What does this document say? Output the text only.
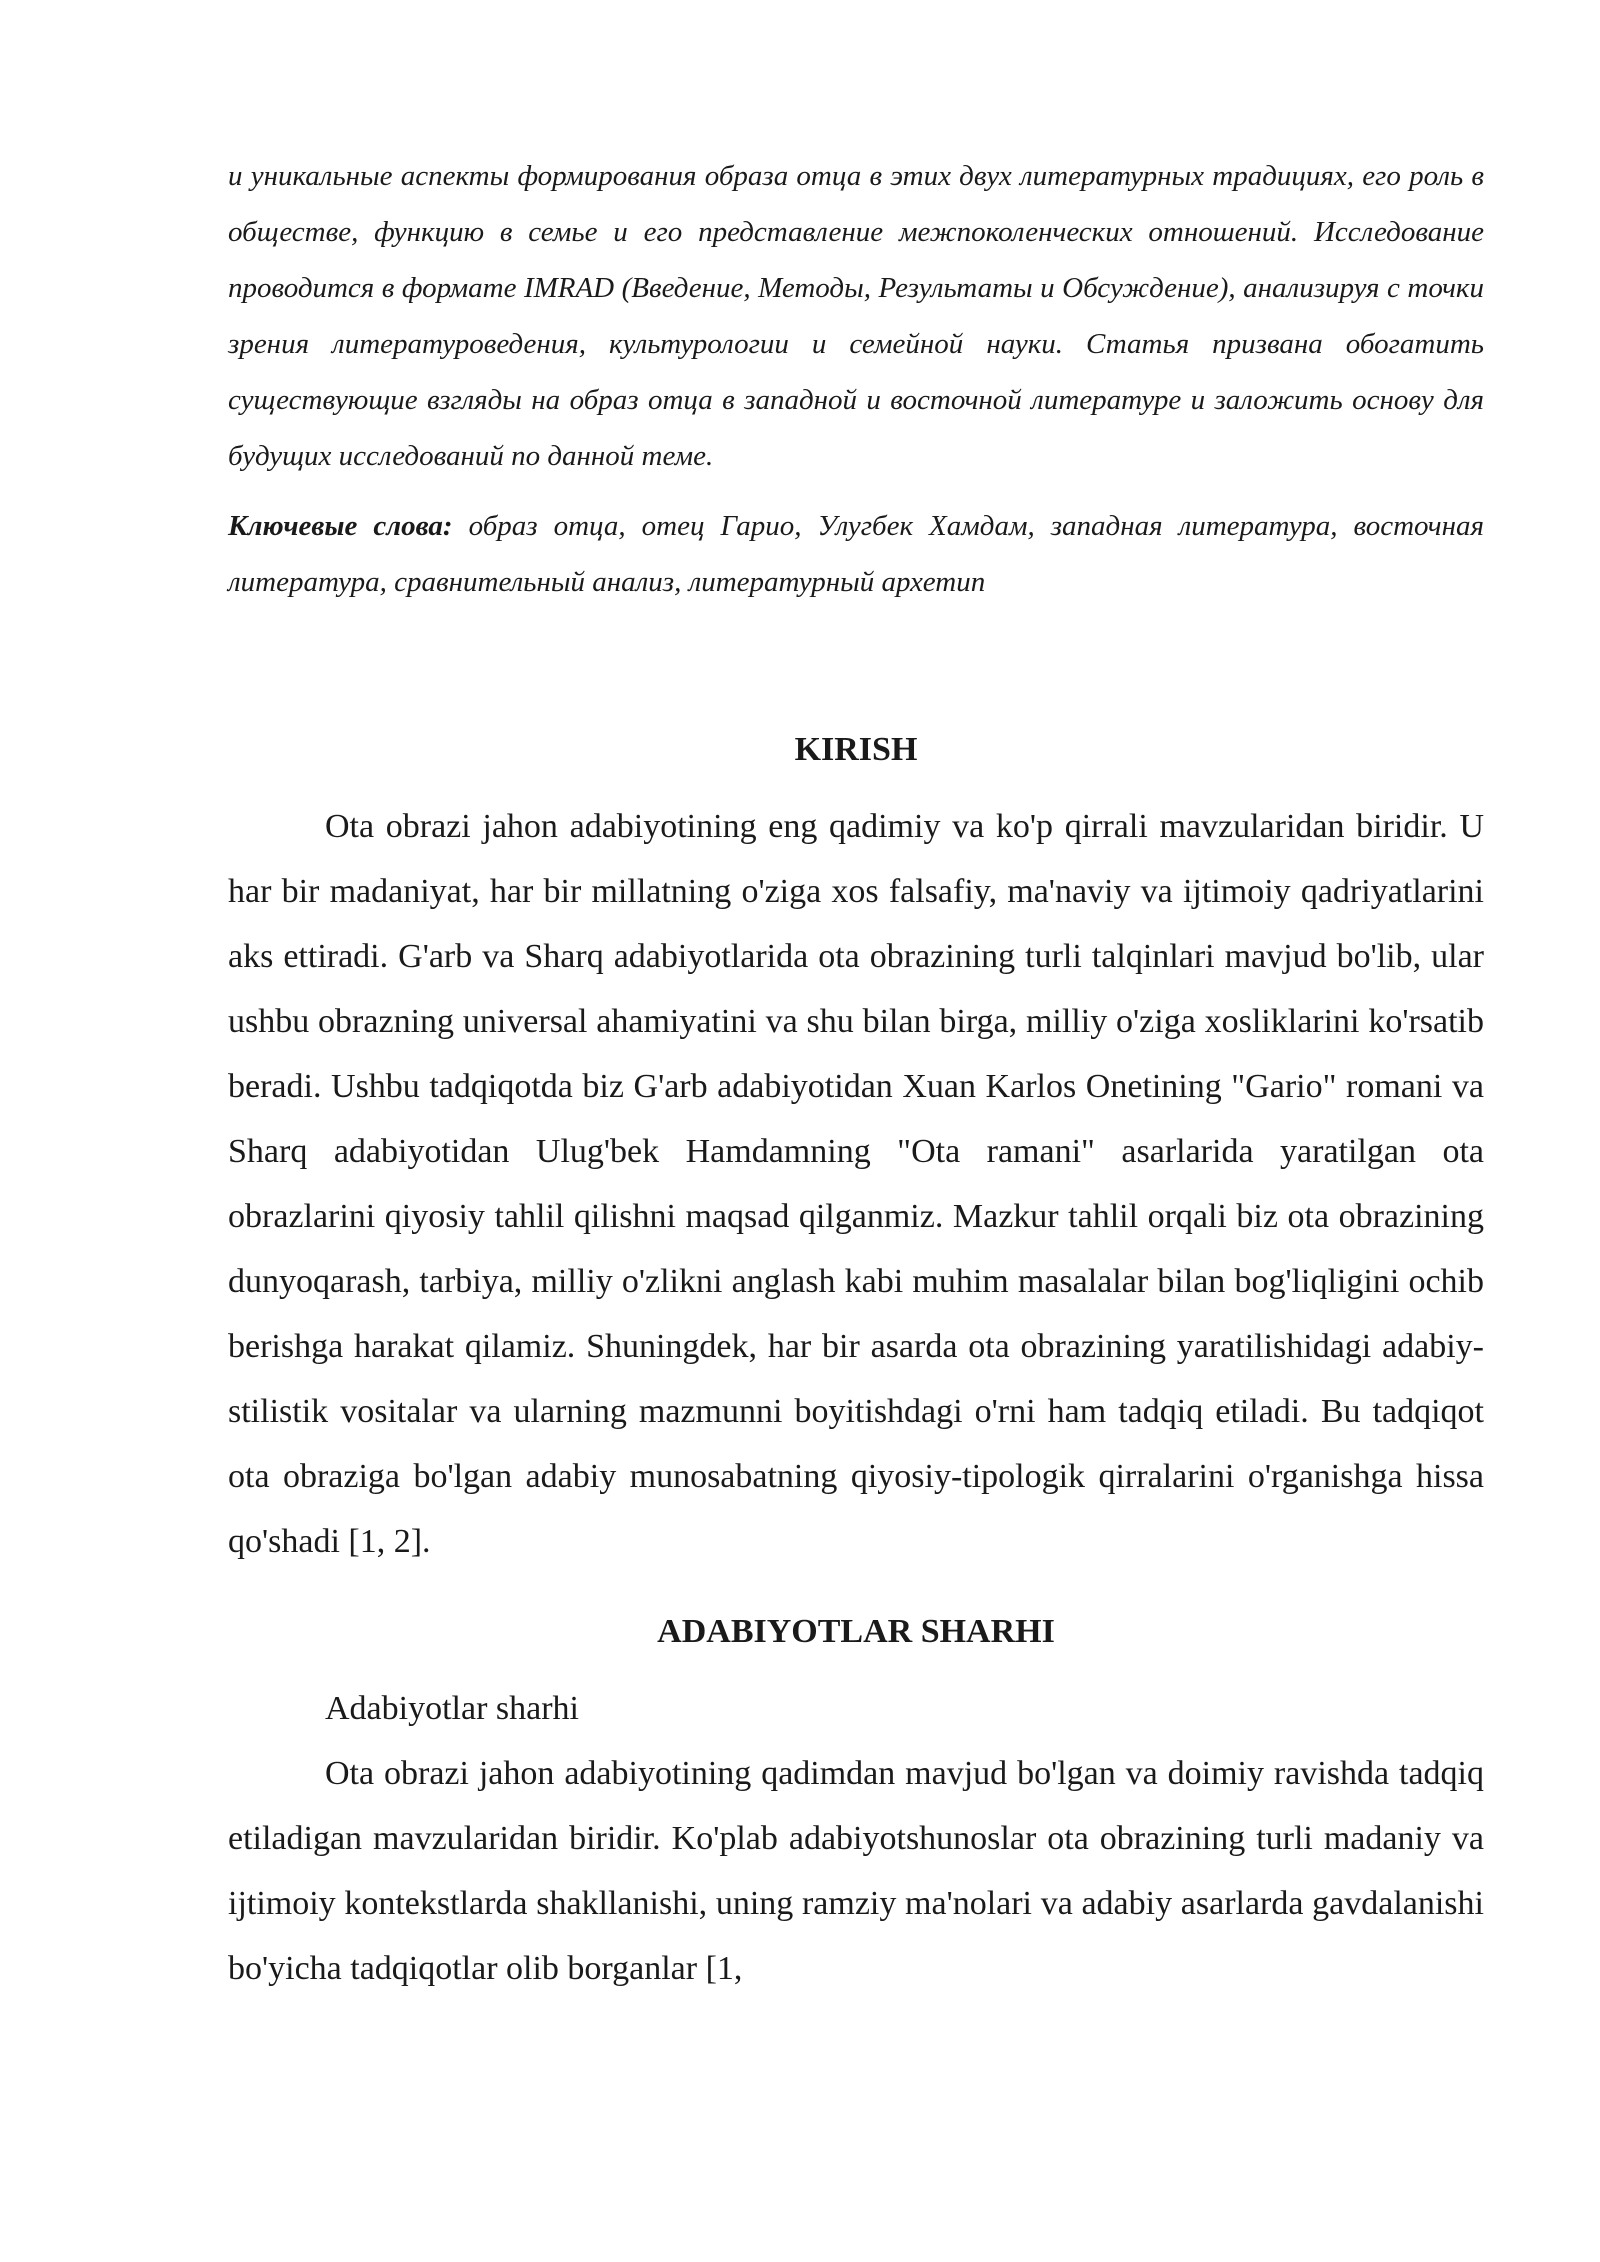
и уникальные аспекты формирования образа отца в этих двух литературных традициях, его роль в обществе, функцию в семье и его представление межпоколенческих отношений. Исследование проводится в формате IMRAD (Введение, Методы, Результаты и Обсуждение), анализируя с точки зрения литературоведения, культурологии и семейной науки. Статья призвана обогатить существующие взгляды на образ отца в западной и восточной литературе и заложить основу для будущих исследований по данной теме.

Ключевые слова: образ отца, отец Гарио, Улугбек Хамдам, западная литература, восточная литература, сравнительный анализ, литературный архетип

KIRISH

Ota obrazi jahon adabiyotining eng qadimiy va ko'p qirrali mavzularidan biridir. U har bir madaniyat, har bir millatning o'ziga xos falsafiy, ma'naviy va ijtimoiy qadriyatlarini aks ettiradi. G'arb va Sharq adabiyotlarida ota obrazining turli talqinlari mavjud bo'lib, ular ushbu obrazning universal ahamiyatini va shu bilan birga, milliy o'ziga xosliklarini ko'rsatib beradi. Ushbu tadqiqotda biz G'arb adabiyotidan Xuan Karlos Onetining "Gario" romani va Sharq adabiyotidan Ulug'bek Hamdamning "Ota ramani" asarlarida yaratilgan ota obrazlarini qiyosiy tahlil qilishni maqsad qilganmiz. Mazkur tahlil orqali biz ota obrazining dunyoqarash, tarbiya, milliy o'zlikni anglash kabi muhim masalalar bilan bog'liqligini ochib berishga harakat qilamiz. Shuningdek, har bir asarda ota obrazining yaratilishidagi adabiy-stilistik vositalar va ularning mazmunni boyitishdagi o'rni ham tadqiq etiladi. Bu tadqiqot ota obraziga bo'lgan adabiy munosabatning qiyosiy-tipologik qirralarini o'rganishga hissa qo'shadi [1, 2].

ADABIYOTLAR SHARHI

Adabiyotlar sharhi

Ota obrazi jahon adabiyotining qadimdan mavjud bo'lgan va doimiy ravishda tadqiq etiladigan mavzularidan biridir. Ko'plab adabiyotshunoslar ota obrazining turli madaniy va ijtimoiy kontekstlarda shakllanishi, uning ramziy ma'nolari va adabiy asarlarda gavdalanishi bo'yicha tadqiqotlar olib borganlar [1,
